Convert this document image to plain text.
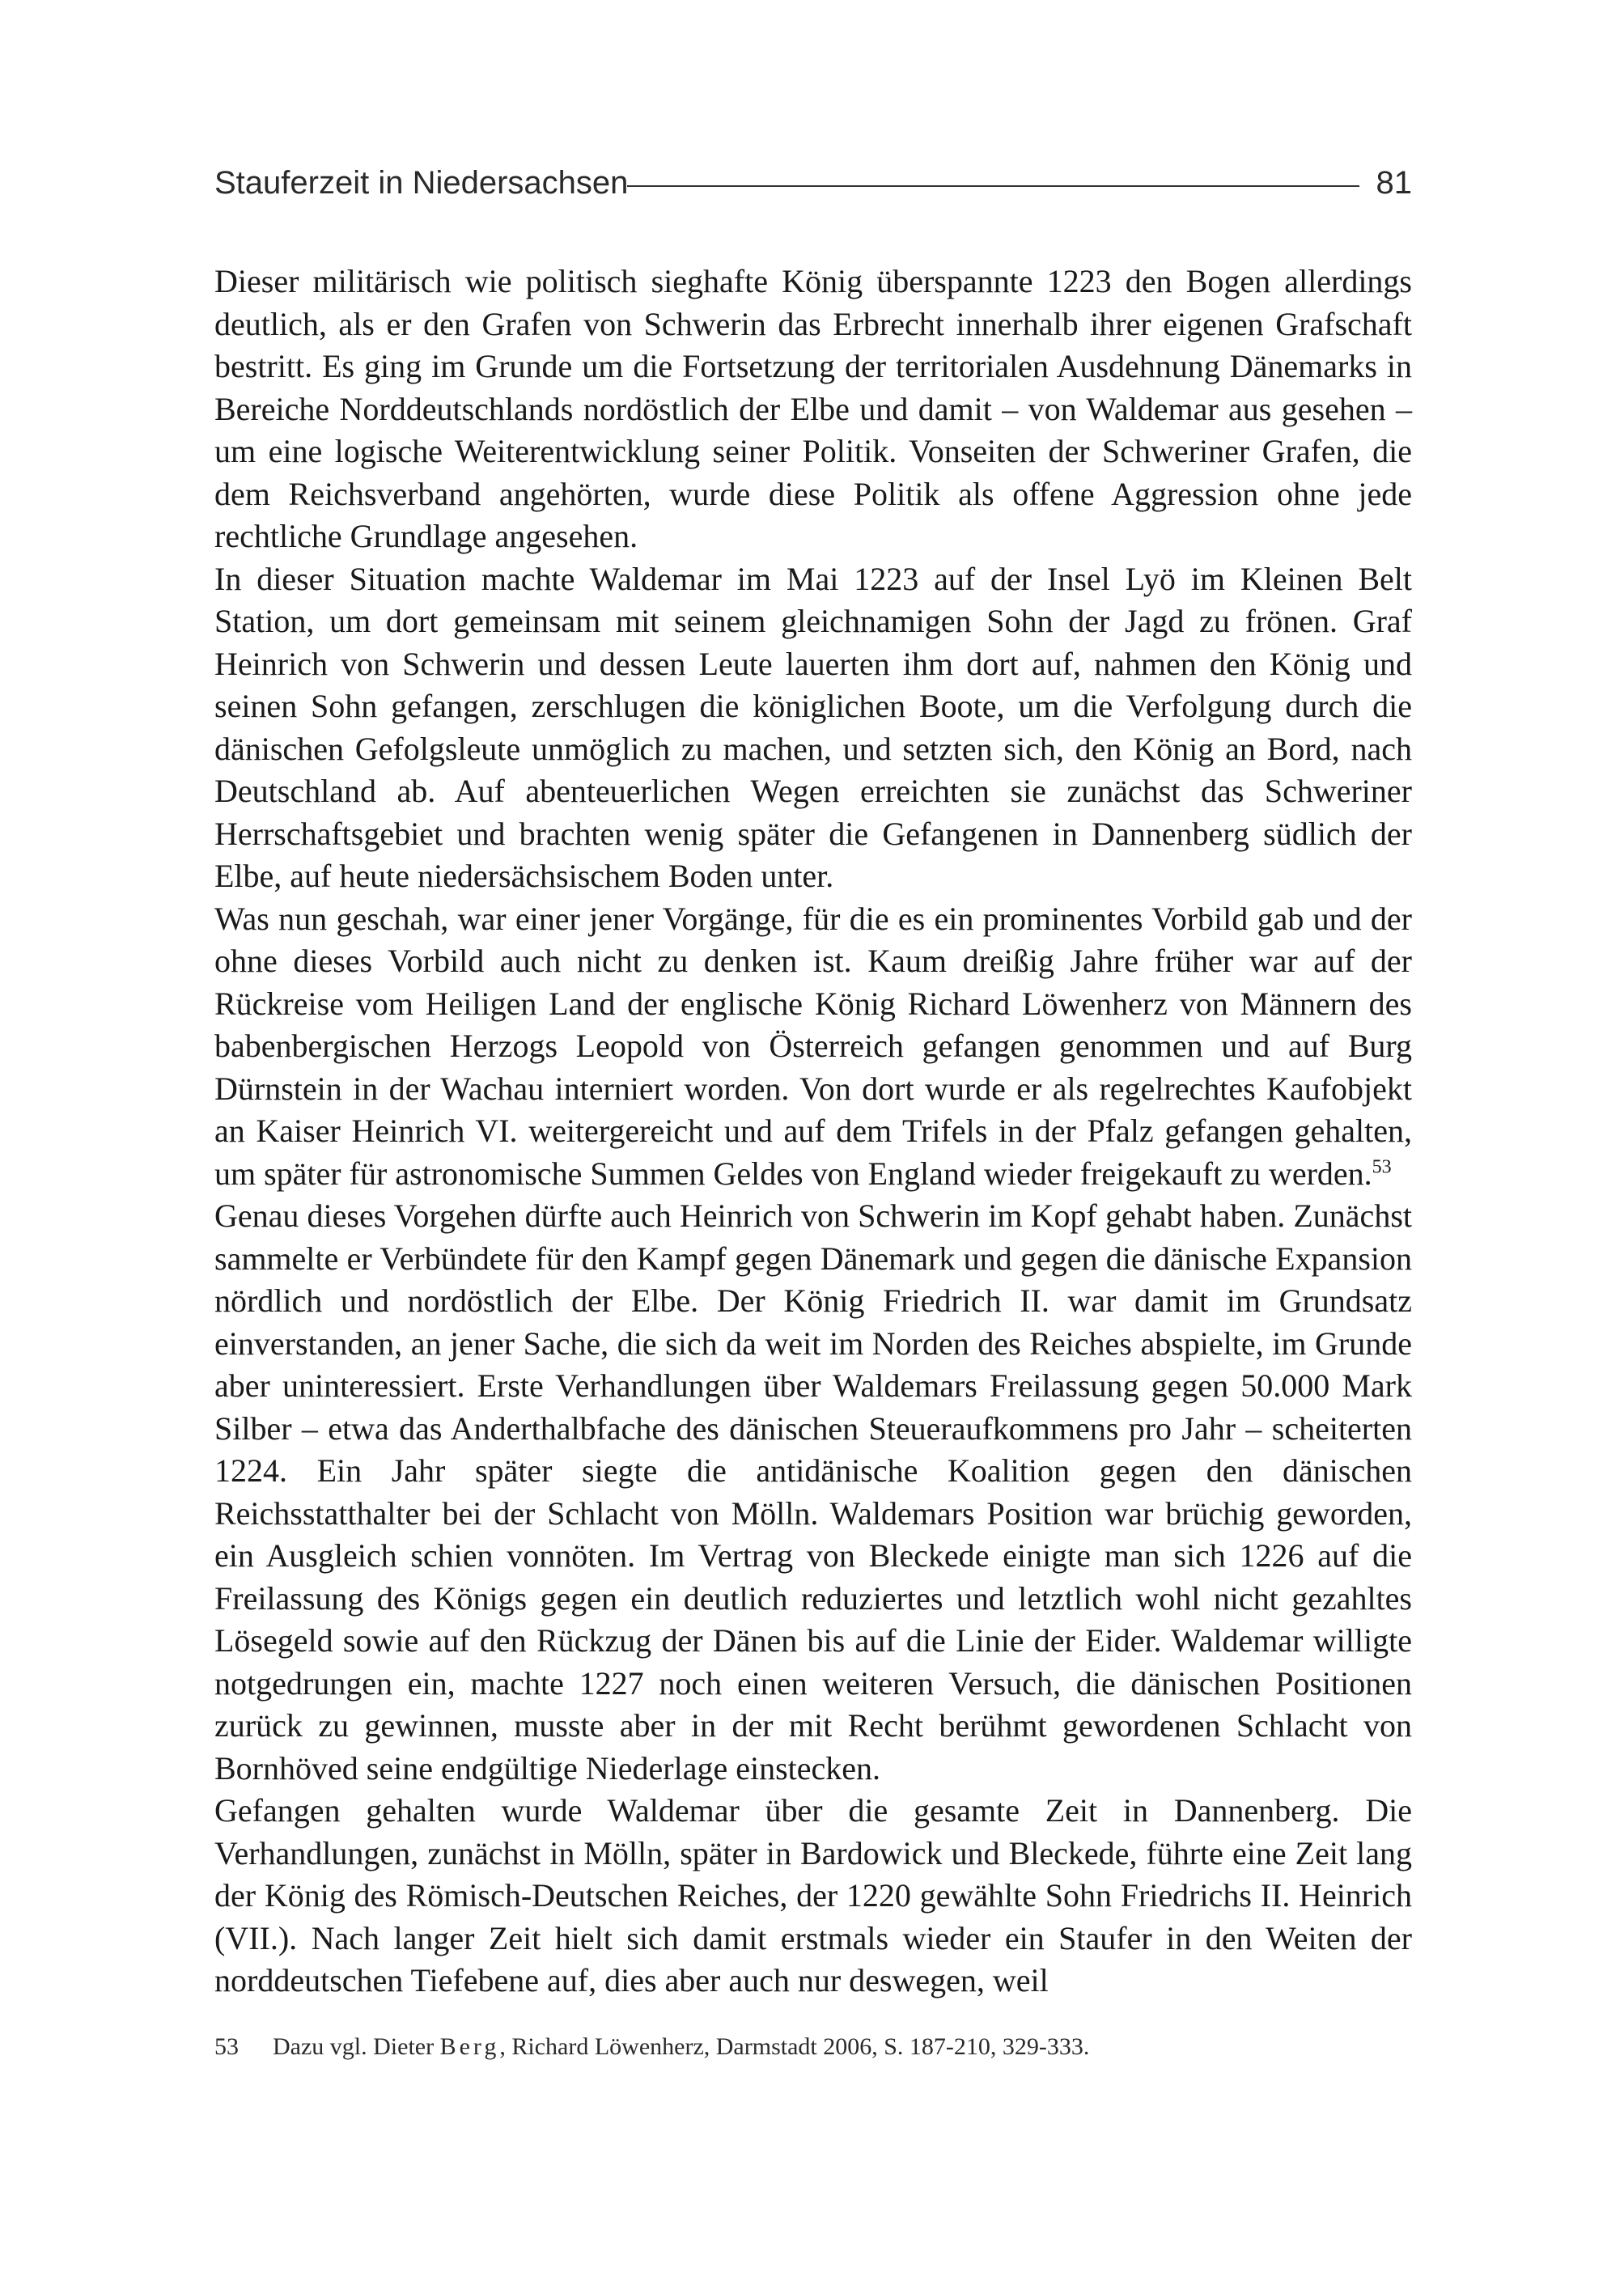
Stauferzeit in Niedersachsen	81

Dieser militärisch wie politisch sieghafte König überspannte 1223 den Bogen allerdings deutlich, als er den Grafen von Schwerin das Erbrecht innerhalb ihrer eigenen Grafschaft bestritt. Es ging im Grunde um die Fortsetzung der territorialen Ausdehnung Dänemarks in Bereiche Norddeutschlands nordöstlich der Elbe und damit – von Waldemar aus gesehen – um eine logische Weiterentwicklung seiner Politik. Vonseiten der Schweriner Grafen, die dem Reichsverband angehörten, wurde diese Politik als offene Aggression ohne jede rechtliche Grundlage angesehen.

In dieser Situation machte Waldemar im Mai 1223 auf der Insel Lyö im Kleinen Belt Station, um dort gemeinsam mit seinem gleichnamigen Sohn der Jagd zu frönen. Graf Heinrich von Schwerin und dessen Leute lauerten ihm dort auf, nahmen den König und seinen Sohn gefangen, zerschlugen die königlichen Boote, um die Verfolgung durch die dänischen Gefolgsleute unmöglich zu machen, und setzten sich, den König an Bord, nach Deutschland ab. Auf abenteuerlichen Wegen erreichten sie zunächst das Schweriner Herrschaftsgebiet und brachten wenig später die Gefangenen in Dannenberg südlich der Elbe, auf heute niedersächsischem Boden unter.

Was nun geschah, war einer jener Vorgänge, für die es ein prominentes Vorbild gab und der ohne dieses Vorbild auch nicht zu denken ist. Kaum dreißig Jahre früher war auf der Rückreise vom Heiligen Land der englische König Richard Löwenherz von Männern des babenbergischen Herzogs Leopold von Österreich gefangen genommen und auf Burg Dürnstein in der Wachau interniert worden. Von dort wurde er als regelrechtes Kaufobjekt an Kaiser Heinrich VI. weitergereicht und auf dem Trifels in der Pfalz gefangen gehalten, um später für astronomische Summen Geldes von England wieder freigekauft zu werden.$^{53}$

Genau dieses Vorgehen dürfte auch Heinrich von Schwerin im Kopf gehabt haben. Zunächst sammelte er Verbündete für den Kampf gegen Dänemark und gegen die dänische Expansion nördlich und nordöstlich der Elbe. Der König Friedrich II. war damit im Grundsatz einverstanden, an jener Sache, die sich da weit im Norden des Reiches abspielte, im Grunde aber uninteressiert. Erste Verhandlungen über Waldemars Freilassung gegen 50.000 Mark Silber – etwa das Anderthalbfache des dänischen Steueraufkommens pro Jahr – scheiterten 1224. Ein Jahr später siegte die antidänische Koalition gegen den dänischen Reichsstatthalter bei der Schlacht von Mölln. Waldemars Position war brüchig geworden, ein Ausgleich schien vonnöten. Im Vertrag von Bleckede einigte man sich 1226 auf die Freilassung des Königs gegen ein deutlich reduziertes und letztlich wohl nicht gezahltes Lösegeld sowie auf den Rückzug der Dänen bis auf die Linie der Eider. Waldemar willigte notgedrungen ein, machte 1227 noch einen weiteren Versuch, die dänischen Positionen zurück zu gewinnen, musste aber in der mit Recht berühmt gewordenen Schlacht von Bornhöved seine endgültige Niederlage einstecken.

Gefangen gehalten wurde Waldemar über die gesamte Zeit in Dannenberg. Die Verhandlungen, zunächst in Mölln, später in Bardowick und Bleckede, führte eine Zeit lang der König des Römisch-Deutschen Reiches, der 1220 gewählte Sohn Friedrichs II. Heinrich (VII.). Nach langer Zeit hielt sich damit erstmals wieder ein Staufer in den Weiten der norddeutschen Tiefebene auf, dies aber auch nur deswegen, weil

53 Dazu vgl. Dieter Berg, Richard Löwenherz, Darmstadt 2006, S. 187-210, 329-333.
